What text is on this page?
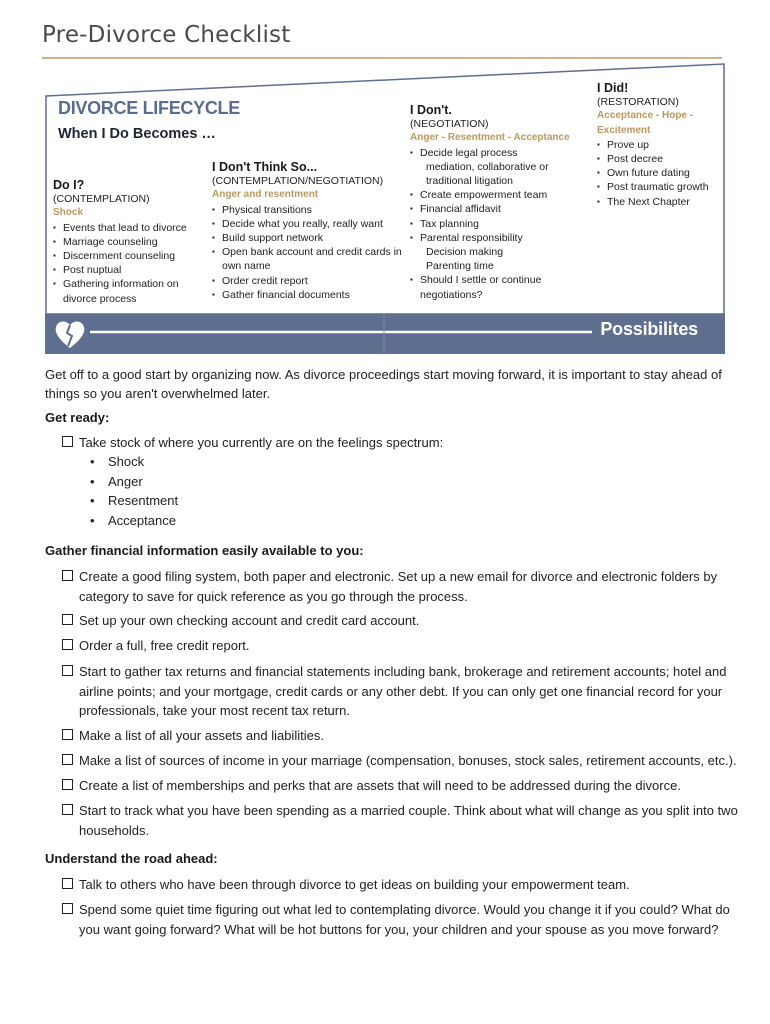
Pre-Divorce Checklist
DIVORCE LIFECYCLE
When I Do Becomes …
Possibilites
Do I?
(CONTEMPLATION)
Shock
▪ Events that lead to divorce
▪ Marriage counseling
▪ Discernment counseling
▪ Post nuptual
▪ Gathering information on
divorce process
I Don't Think So...
(CONTEMPLATION/NEGOTIATION)
Anger and resentment
▪ Physical transitions
▪ Decide what you really, really want
▪ Build support network
▪ Open bank account and credit cards in
own name
▪ Order credit report
▪ Gather financial documents
I Don't.
(NEGOTIATION)
Anger - Resentment - Acceptance
▪ Decide legal process
mediation, collaborative or
traditional litigation
▪ Create empowerment team
▪ Financial affidavit
▪ Tax planning
▪ Parental responsibility
Decision making
Parenting time
▪ Should I settle or continue
negotiations?
I Did!
(RESTORATION)
Acceptance - Hope -
Excitement
▪ Prove up
▪ Post decree
▪ Own future dating
▪ Post traumatic growth
▪ The Next Chapter
Get off to a good start by organizing now. As divorce proceedings start moving forward, it is important to stay ahead of things so you aren't overwhelmed later.
Get ready:
Take stock of where you currently are on the feelings spectrum:
• Shock
• Anger
• Resentment
• Acceptance
Gather financial information easily available to you:
Create a good filing system, both paper and electronic. Set up a new email for divorce and electronic folders by category to save for quick reference as you go through the process.
Set up your own checking account and credit card account.
Order a full, free credit report.
Start to gather tax returns and financial statements including bank, brokerage and retirement accounts; hotel and airline points; and your mortgage, credit cards or any other debt. If you can only get one financial record for your professionals, take your most recent tax return.
Make a list of all your assets and liabilities.
Make a list of sources of income in your marriage (compensation, bonuses, stock sales, retirement accounts, etc.).
Create a list of memberships and perks that are assets that will need to be addressed during the divorce.
Start to track what you have been spending as a married couple. Think about what will change as you split into two households.
Understand the road ahead:
Talk to others who have been through divorce to get ideas on building your empowerment team.
Spend some quiet time figuring out what led to contemplating divorce. Would you change it if you could? What do you want going forward? What will be hot buttons for you, your children and your spouse as you move forward?
